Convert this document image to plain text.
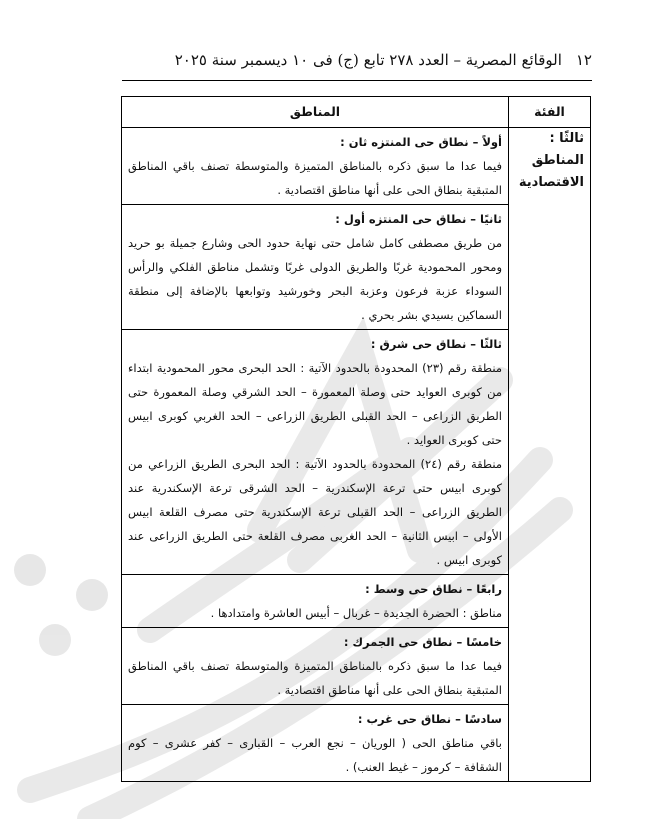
١٢الوقائع المصرية – العدد ٢٧٨ تابع (ج) فى ١٠ ديسمبر سنة ٢٠٢٥
الفئة	المناطق
ثالثًا : المناطق الاقتصادية	أولاً – نطاق حى المنتزه ثان :
فيما عدا ما سبق ذكره بالمناطق المتميزة والمتوسطة تصنف باقي المناطق المتبقية بنطاق الحى على أنها مناطق اقتصادية .

	ثانيًا – نطاق حى المنتزه أول :
من طريق مصطفى كامل شامل حتى نهاية حدود الحى وشارع جميلة بو حريد ومحور المحمودية غربًا والطريق الدولى غربًا وتشمل مناطق الفلكي والرأس السوداء عزبة فرعون وعزبة البحر وخورشيد وتوابعها بالإضافة إلى منطقة السماكين بسيدي بشر بحري .

	ثالثًا – نطاق حى شرق :
منطقة رقم (٢٣) المحدودة بالحدود الآتية : الحد البحرى محور المحمودية ابتداء من كوبرى العوايد حتى وصلة المعمورة – الحد الشرقي وصلة المعمورة حتى الطريق الزراعى – الحد القبلى الطريق الزراعى – الحد الغربي كوبرى ابيس حتى كوبرى العوايد .
منطقة رقم (٢٤) المحدودة بالحدود الآتية : الحد البحرى الطريق الزراعي من كوبرى ابيس حتى ترعة الإسكندرية – الحد الشرقى ترعة الإسكندرية عند الطريق الزراعى – الحد القبلى ترعة الإسكندرية حتى مصرف القلعة ابيس الأولى – ابيس الثانية – الحد الغربى مصرف القلعة حتى الطريق الزراعى عند كوبرى ابيس .

	رابعًا – نطاق حى وسط :
مناطق : الحضرة الجديدة – غربال – أبيس العاشرة وامتدادها .

	خامسًا – نطاق حى الجمرك :
فيما عدا ما سبق ذكره بالمناطق المتميزة والمتوسطة تصنف باقي المناطق المتبقية بنطاق الحى على أنها مناطق اقتصادية .

	سادسًا – نطاق حى غرب :
باقي مناطق الحى ( الوريان – نجع العرب – القبارى – كفر عشرى – كوم الشقافة – كرموز – غيط العنب) .
